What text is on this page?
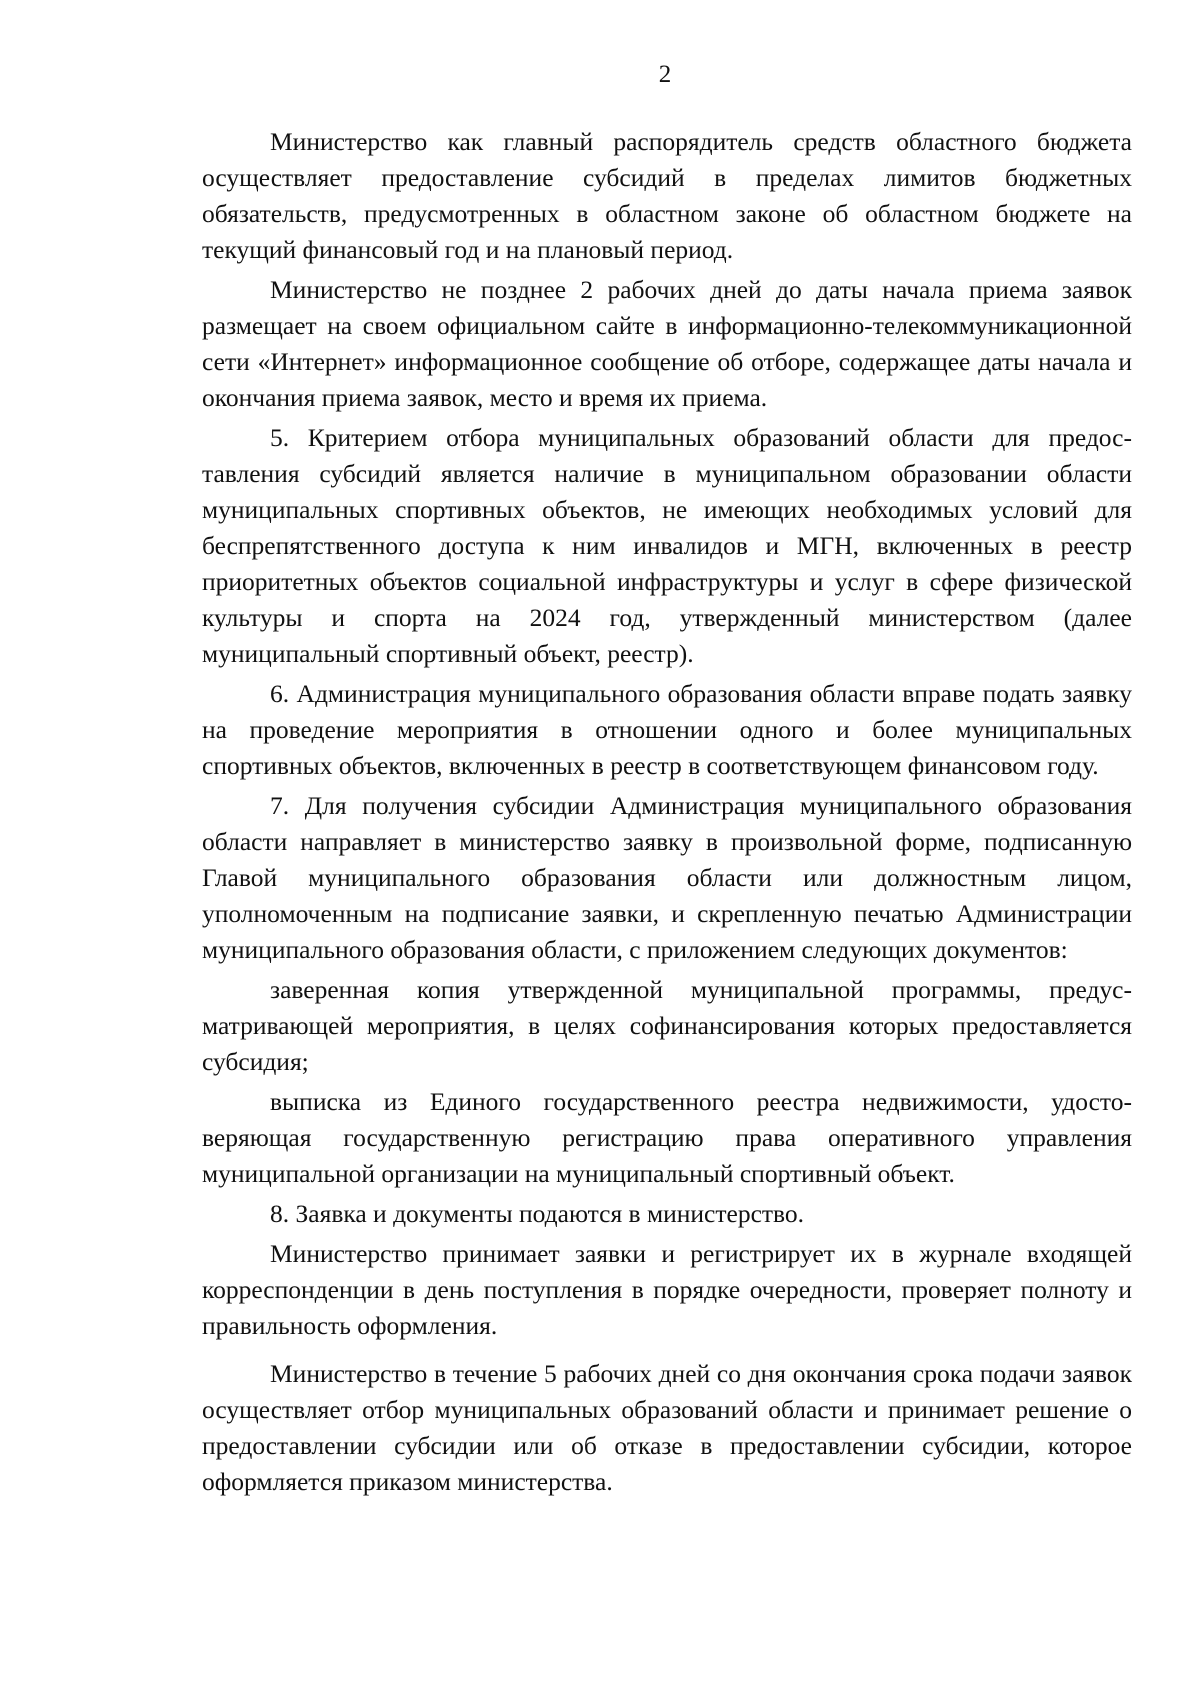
2

Министерство как главный распорядитель средств областного бюджета осуществляет предоставление субсидий в пределах лимитов бюджетных обязательств, предусмотренных в областном законе об областном бюджете на текущий финансовый год и на плановый период.

Министерство не позднее 2 рабочих дней до даты начала приема заявок размещает на своем официальном сайте в информационно-телекоммуникационной сети «Интернет» информационное сообщение об отборе, содержащее даты начала и окончания приема заявок, место и время их приема.

5. Критерием отбора муниципальных образований области для предоставления субсидий является наличие в муниципальном образовании области муниципальных спортивных объектов, не имеющих необходимых условий для беспрепятственного доступа к ним инвалидов и МГН, включенных в реестр приоритетных объектов социальной инфраструктуры и услуг в сфере физической культуры и спорта на 2024 год, утвержденный министерством (далее муниципальный спортивный объект, реестр).

6. Администрация муниципального образования области вправе подать заявку на проведение мероприятия в отношении одного и более муниципальных спортивных объектов, включенных в реестр в соответствующем финансовом году.

7. Для получения субсидии Администрация муниципального образования области направляет в министерство заявку в произвольной форме, подписанную Главой муниципального образования области или должностным лицом, уполномоченным на подписание заявки, и скрепленную печатью Администрации муниципального образования области, с приложением следующих документов:

заверенная копия утвержденной муниципальной программы, предусматривающей мероприятия, в целях софинансирования которых предоставляется субсидия;

выписка из Единого государственного реестра недвижимости, удостоверяющая государственную регистрацию права оперативного управления муниципальной организации на муниципальный спортивный объект.

8. Заявка и документы подаются в министерство.

Министерство принимает заявки и регистрирует их в журнале входящей корреспонденции в день поступления в порядке очередности, проверяет полноту и правильность оформления.

Министерство в течение 5 рабочих дней со дня окончания срока подачи заявок осуществляет отбор муниципальных образований области и принимает решение о предоставлении субсидии или об отказе в предоставлении субсидии, которое оформляется приказом министерства.
